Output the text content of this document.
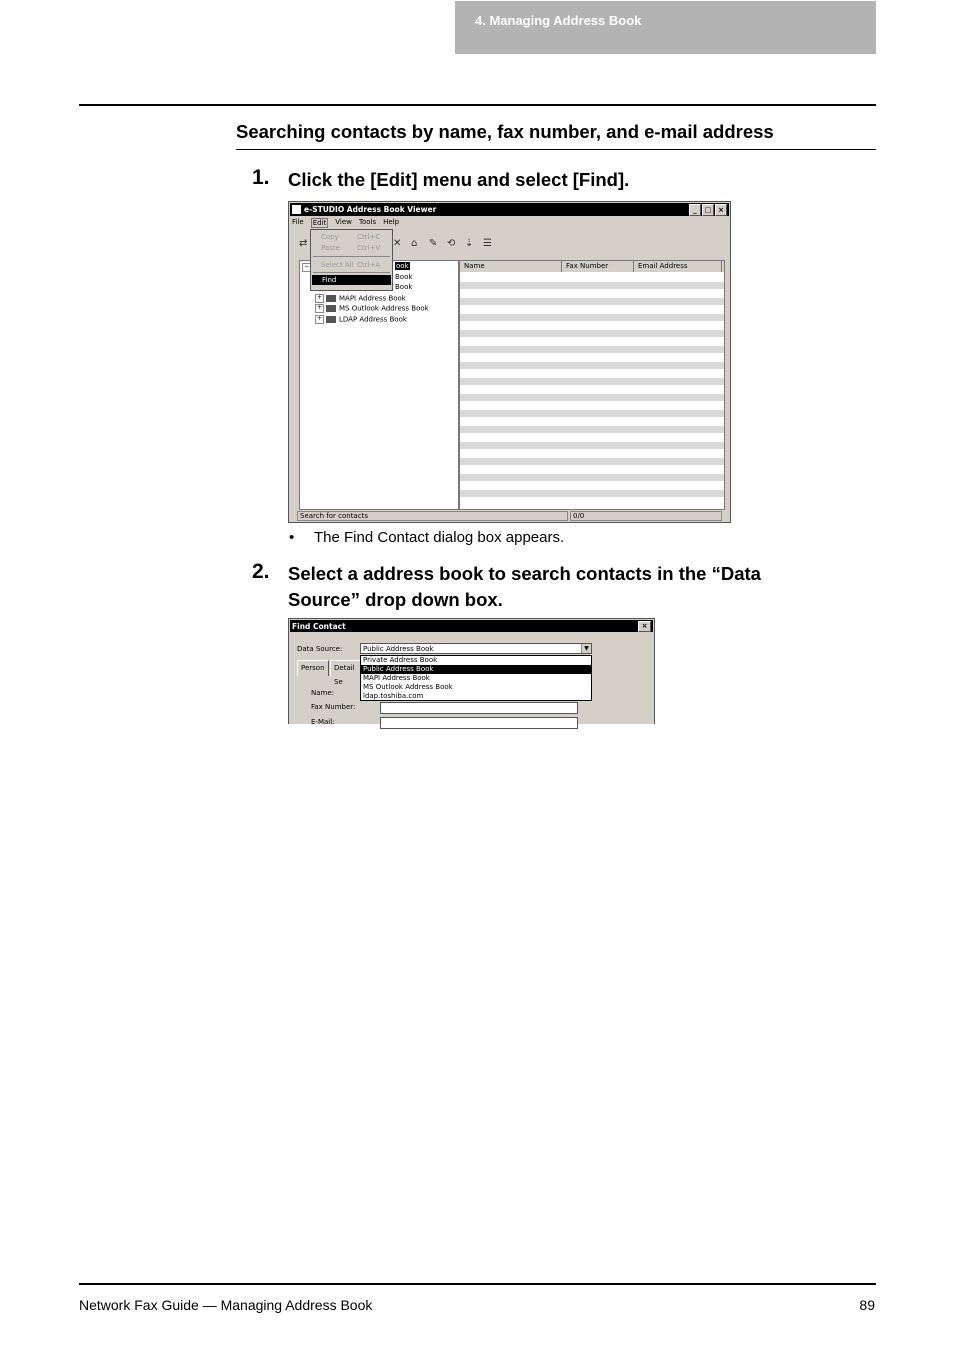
4. Managing Address Book
Searching contacts by name, fax number, and e-mail address
1. Click the [Edit] menu and select [Find].
e-STUDIO Address Book Viewer	_	□ ×
File Edit View Tools Help
⇄	✕ ⌂ ✎ ⟲ ⇣ ☰
−	ook
Book
Book
+ MAPI Address Book
+ MS Outlook Address Book
+ LDAP Address Book
Name	Fax Number	Email Address
Search for contacts	0/0
Copy	Ctrl+C
Paste Ctrl+V
Select All Ctrl+A
Find
• The Find Contact dialog box appears.
2. Select a address book to search contacts in the “Data Source” drop down box.
Find Contact	×
Data Source:	Public Address Book	▼
Person	Detail Se
Name:
Fax Number:
E-Mail:
Private Address Book
Public Address Book
MAPI Address Book
MS Outlook Address Book
ldap.toshiba.com
Network Fax Guide — Managing Address Book	89
